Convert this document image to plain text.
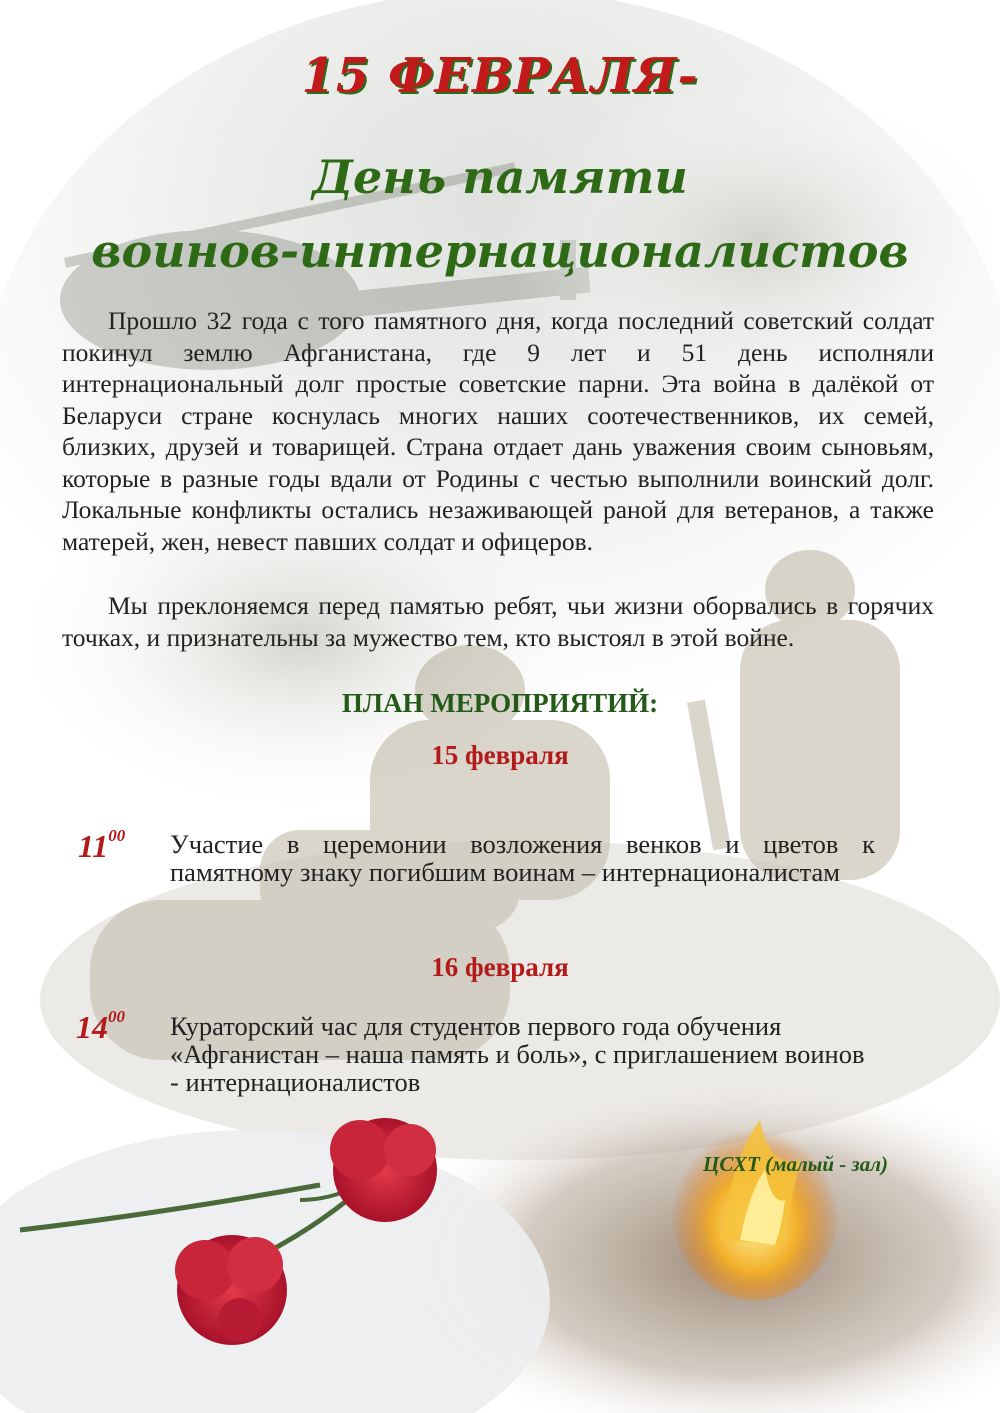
15 ФЕВРАЛЯ-
День памяти
воинов-интернационалистов
Прошло 32 года с того памятного дня, когда последний советский солдат покинул землю Афганистана, где 9 лет и 51 день исполняли интернациональный долг простые советские парни. Эта война в далёкой от Беларуси стране коснулась многих наших соотечественников, их семей, близких, друзей и товарищей. Страна отдает дань уважения своим сыновьям, которые в разные годы вдали от Родины с честью выполнили воинский долг. Локальные конфликты остались незаживающей раной для ветеранов, а также матерей, жен, невест павших солдат и офицеров.
Мы преклоняемся перед памятью ребят, чьи жизни оборвались в горячих точках, и признательны за мужество тем, кто выстоял в этой войне.
ПЛАН МЕРОПРИЯТИЙ:
15 февраля
$11^{00}$ Участие в церемонии возложения венков и цветов к памятному знаку погибшим воинам – интернационалистам
16 февраля
$14^{00}$ Кураторский час для студентов первого года обучения «Афганистан – наша память и боль», с приглашением воинов - интернационалистов
ЦСХТ (малый - зал)
